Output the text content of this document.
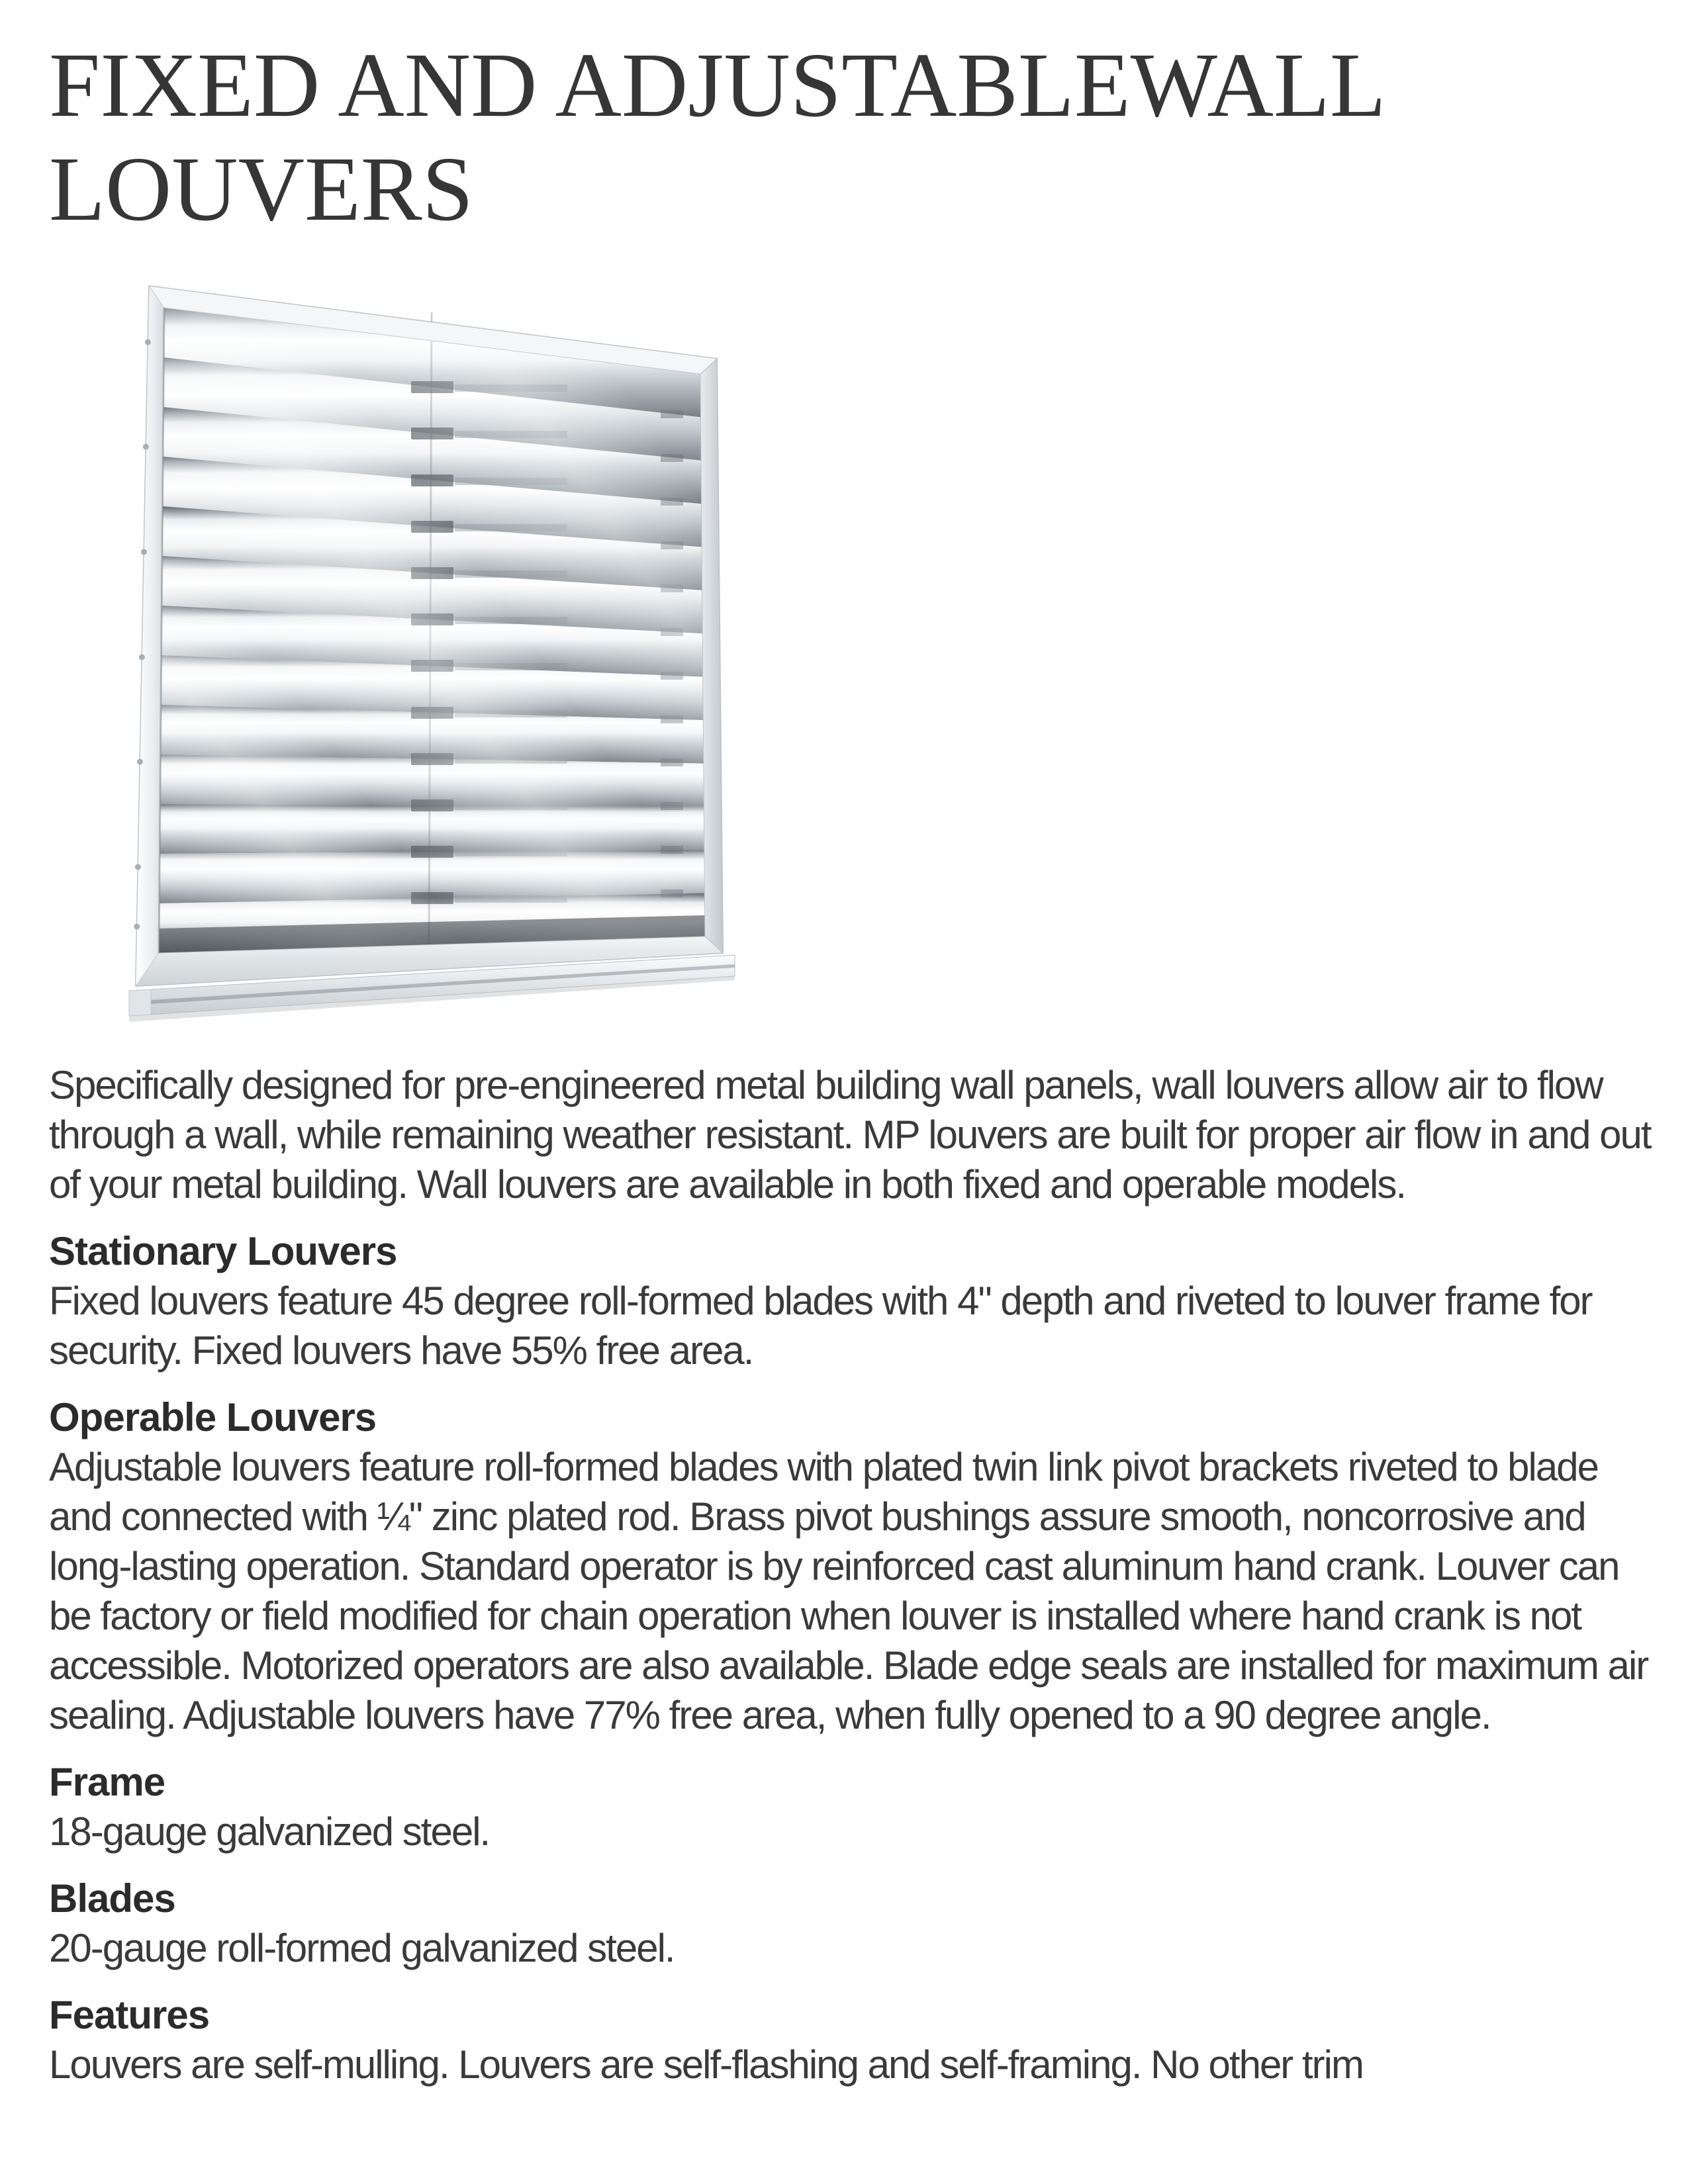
FIXED AND ADJUSTABLEWALL
LOUVERS

Specifically designed for pre-engineered metal building wall panels, wall louvers allow air to flow through a wall, while remaining weather resistant. MP louvers are built for proper air flow in and out of your metal building. Wall louvers are available in both fixed and operable models.

Stationary Louvers

Fixed louvers feature 45 degree roll-formed blades with 4" depth and riveted to louver frame for security. Fixed louvers have 55% free area.

Operable Louvers

Adjustable louvers feature roll-formed blades with plated twin link pivot brackets riveted to blade and connected with ¼" zinc plated rod. Brass pivot bushings assure smooth, noncorrosive and long-lasting operation. Standard operator is by reinforced cast aluminum hand crank. Louver can be factory or field modified for chain operation when louver is installed where hand crank is not accessible. Motorized operators are also available. Blade edge seals are installed for maximum air sealing. Adjustable louvers have 77% free area, when fully opened to a 90 degree angle.

Frame

18-gauge galvanized steel.

Blades

20-gauge roll-formed galvanized steel.

Features

Louvers are self-mulling. Louvers are self-flashing and self-framing. No other trim
